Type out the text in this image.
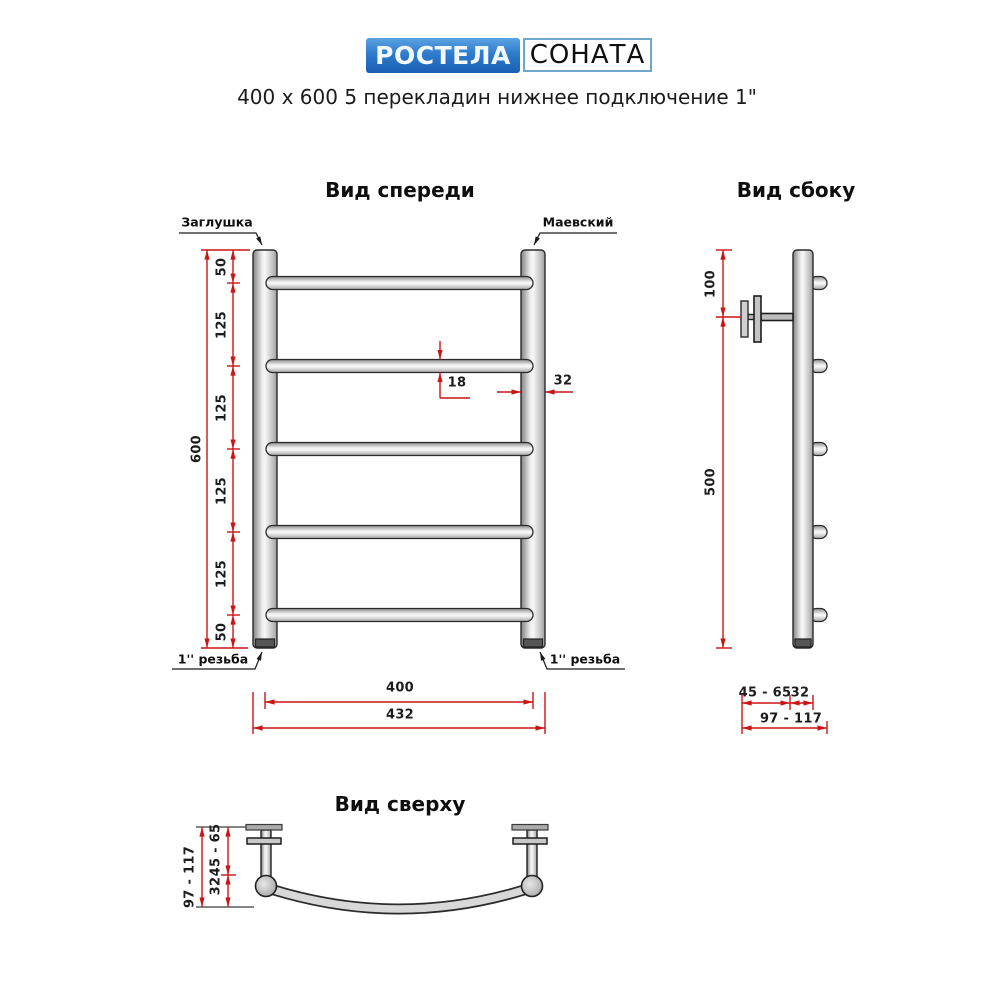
РОСТЕЛА СОНАТА
400 x 600 5 перекладин нижнее подключение 1"
Вид спереди
Заглушка	Маевский
1'' резьба	1'' резьба
600
50
125
125
125
125
50
18	32
400
432
Вид сбоку
100
500
45 - 65 32
97 - 117
Вид сверху
97 - 117 45 - 65
32
